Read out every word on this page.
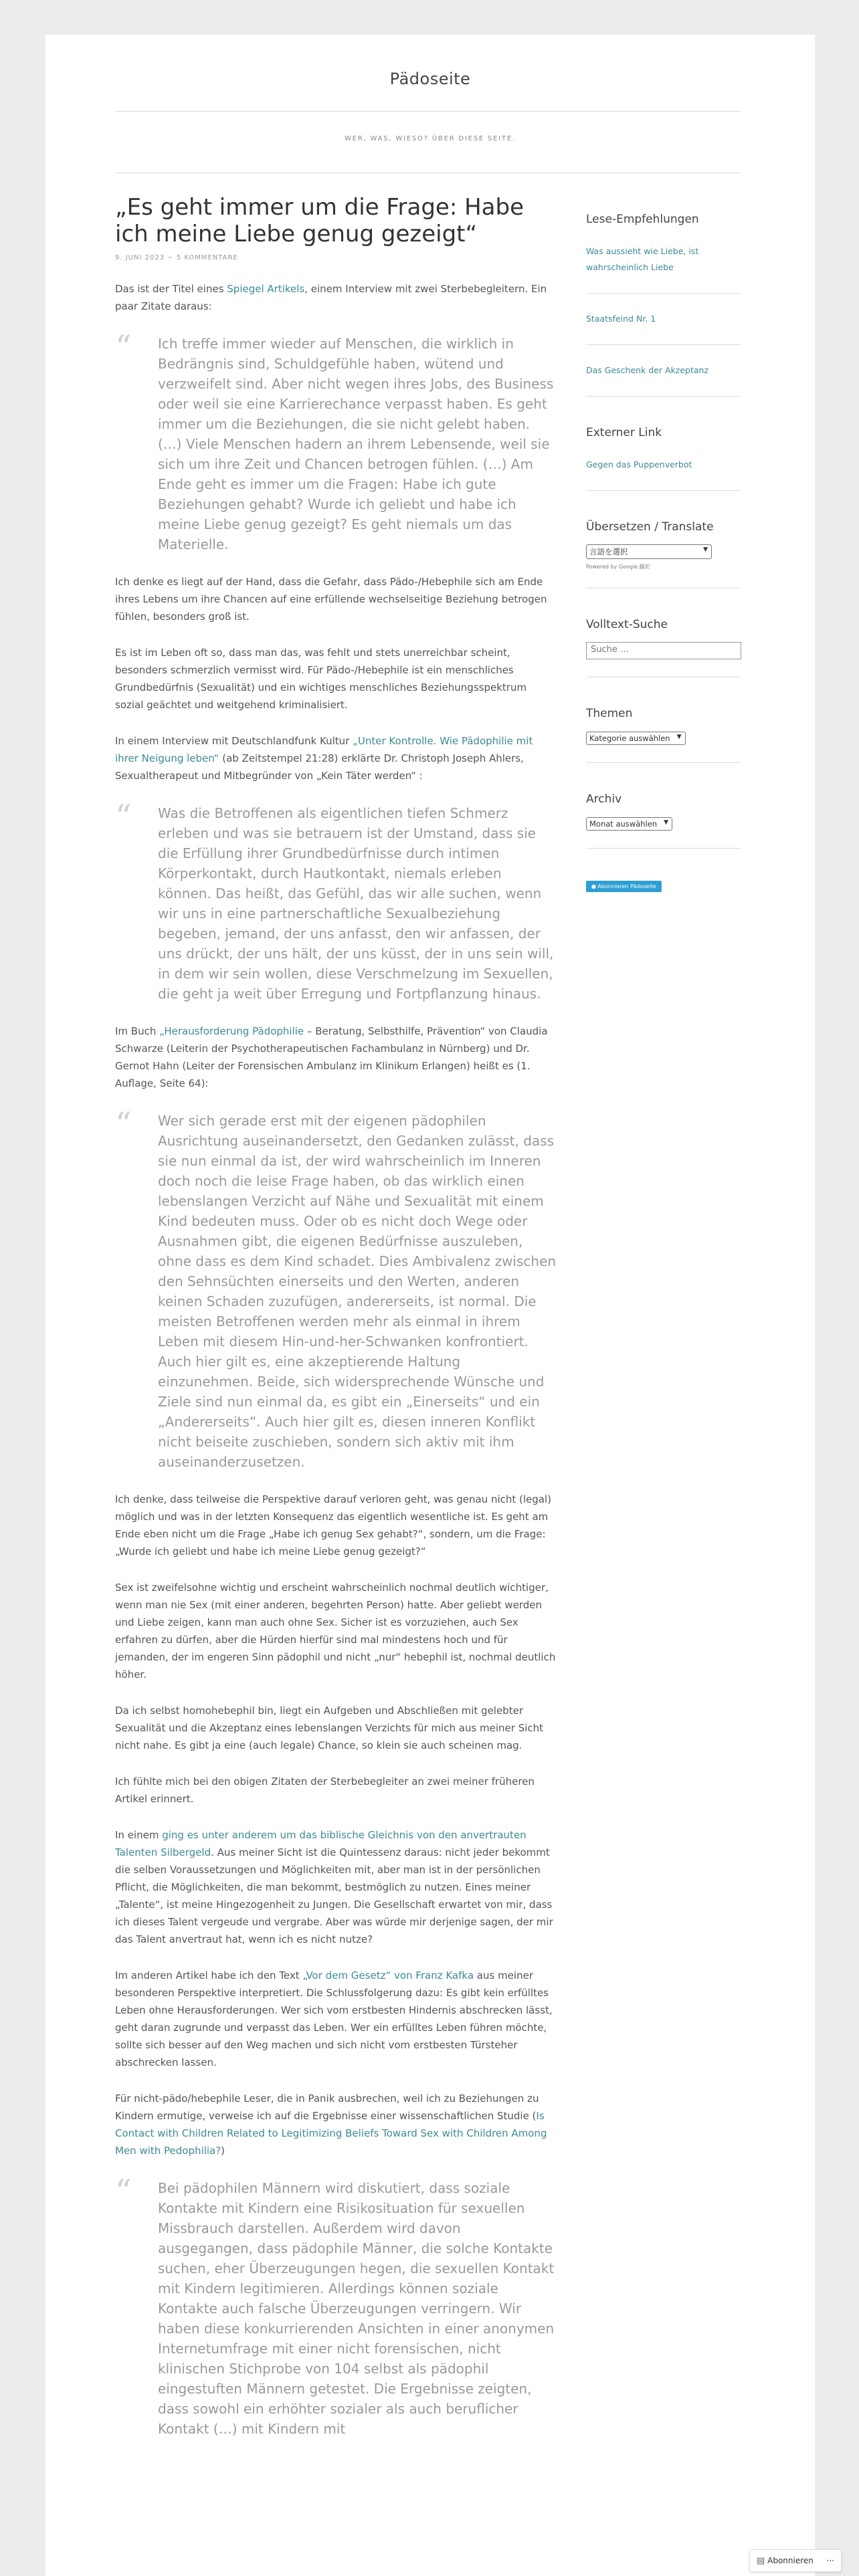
Pädoseite
WER, WAS, WIESO? ÜBER DIESE SEITE.
„Es geht immer um die Frage: Habe ich meine Liebe genug gezeigt“
9. JUNI 2023 ~ 5 KOMMENTARE

Das ist der Titel eines Spiegel Artikels, einem Interview mit zwei Sterbebegleitern. Ein paar Zitate daraus:

“ Ich treffe immer wieder auf Menschen, die wirklich in Bedrängnis sind, Schuldgefühle haben, wütend und verzweifelt sind. Aber nicht wegen ihres Jobs, des Business oder weil sie eine Karrierechance verpasst haben. Es geht immer um die Beziehungen, die sie nicht gelebt haben. (…) Viele Menschen hadern an ihrem Lebensende, weil sie sich um ihre Zeit und Chancen betrogen fühlen. (…) Am Ende geht es immer um die Fragen: Habe ich gute Beziehungen gehabt? Wurde ich geliebt und habe ich meine Liebe genug gezeigt? Es geht niemals um das Materielle.

Ich denke es liegt auf der Hand, dass die Gefahr, dass Pädo-/Hebephile sich am Ende ihres Lebens um ihre Chancen auf eine erfüllende wechselseitige Beziehung betrogen fühlen, besonders groß ist.

Es ist im Leben oft so, dass man das, was fehlt und stets unerreichbar scheint, besonders schmerzlich vermisst wird. Für Pädo-/Hebephile ist ein menschliches Grundbedürfnis (Sexualität) und ein wichtiges menschliches Beziehungsspektrum sozial geächtet und weitgehend kriminalisiert.

In einem Interview mit Deutschlandfunk Kultur „Unter Kontrolle. Wie Pädophilie mit ihrer Neigung leben“ (ab Zeitstempel 21:28) erklärte Dr. Christoph Joseph Ahlers, Sexualtherapeut und Mitbegründer von „Kein Täter werden“ :

“ Was die Betroffenen als eigentlichen tiefen Schmerz erleben und was sie betrauern ist der Umstand, dass sie die Erfüllung ihrer Grundbedürfnisse durch intimen Körperkontakt, durch Hautkontakt, niemals erleben können. Das heißt, das Gefühl, das wir alle suchen, wenn wir uns in eine partnerschaftliche Sexualbeziehung begeben, jemand, der uns anfasst, den wir anfassen, der uns drückt, der uns hält, der uns küsst, der in uns sein will, in dem wir sein wollen, diese Verschmelzung im Sexuellen, die geht ja weit über Erregung und Fortpflanzung hinaus.

Im Buch „Herausforderung Pädophilie – Beratung, Selbsthilfe, Prävention“ von Claudia Schwarze (Leiterin der Psychotherapeutischen Fachambulanz in Nürnberg) und Dr. Gernot Hahn (Leiter der Forensischen Ambulanz im Klinikum Erlangen) heißt es (1. Auflage, Seite 64):

“ Wer sich gerade erst mit der eigenen pädophilen Ausrichtung auseinandersetzt, den Gedanken zulässt, dass sie nun einmal da ist, der wird wahrscheinlich im Inneren doch noch die leise Frage haben, ob das wirklich einen lebenslangen Verzicht auf Nähe und Sexualität mit einem Kind bedeuten muss. Oder ob es nicht doch Wege oder Ausnahmen gibt, die eigenen Bedürfnisse auszuleben, ohne dass es dem Kind schadet. Dies Ambivalenz zwischen den Sehnsüchten einerseits und den Werten, anderen keinen Schaden zuzufügen, andererseits, ist normal. Die meisten Betroffenen werden mehr als einmal in ihrem Leben mit diesem Hin-und-her-Schwanken konfrontiert. Auch hier gilt es, eine akzeptierende Haltung einzunehmen. Beide, sich widersprechende Wünsche und Ziele sind nun einmal da, es gibt ein „Einerseits“ und ein „Andererseits“. Auch hier gilt es, diesen inneren Konflikt nicht beiseite zuschieben, sondern sich aktiv mit ihm auseinanderzusetzen.

Ich denke, dass teilweise die Perspektive darauf verloren geht, was genau nicht (legal) möglich und was in der letzten Konsequenz das eigentlich wesentliche ist. Es geht am Ende eben nicht um die Frage „Habe ich genug Sex gehabt?“, sondern, um die Frage: „Wurde ich geliebt und habe ich meine Liebe genug gezeigt?“

Sex ist zweifelsohne wichtig und erscheint wahrscheinlich nochmal deutlich wichtiger, wenn man nie Sex (mit einer anderen, begehrten Person) hatte. Aber geliebt werden und Liebe zeigen, kann man auch ohne Sex. Sicher ist es vorzuziehen, auch Sex erfahren zu dürfen, aber die Hürden hierfür sind mal mindestens hoch und für jemanden, der im engeren Sinn pädophil und nicht „nur“ hebephil ist, nochmal deutlich höher.

Da ich selbst homohebephil bin, liegt ein Aufgeben und Abschließen mit gelebter Sexualität und die Akzeptanz eines lebenslangen Verzichts für mich aus meiner Sicht nicht nahe. Es gibt ja eine (auch legale) Chance, so klein sie auch scheinen mag.

Ich fühlte mich bei den obigen Zitaten der Sterbebegleiter an zwei meiner früheren Artikel erinnert.

In einem ging es unter anderem um das biblische Gleichnis von den anvertrauten Talenten Silbergeld. Aus meiner Sicht ist die Quintessenz daraus: nicht jeder bekommt die selben Voraussetzungen und Möglichkeiten mit, aber man ist in der persönlichen Pflicht, die Möglichkeiten, die man bekommt, bestmöglich zu nutzen. Eines meiner „Talente“, ist meine Hingezogenheit zu Jungen. Die Gesellschaft erwartet von mir, dass ich dieses Talent vergeude und vergrabe. Aber was würde mir derjenige sagen, der mir das Talent anvertraut hat, wenn ich es nicht nutze?

Im anderen Artikel habe ich den Text „Vor dem Gesetz“ von Franz Kafka aus meiner besonderen Perspektive interpretiert. Die Schlussfolgerung dazu: Es gibt kein erfülltes Leben ohne Herausforderungen. Wer sich vom erstbesten Hindernis abschrecken lässt, geht daran zugrunde und verpasst das Leben. Wer ein erfülltes Leben führen möchte, sollte sich besser auf den Weg machen und sich nicht vom erstbesten Türsteher abschrecken lassen.

Für nicht-pädo/hebephile Leser, die in Panik ausbrechen, weil ich zu Beziehungen zu Kindern ermutige, verweise ich auf die Ergebnisse einer wissenschaftlichen Studie (Is Contact with Children Related to Legitimizing Beliefs Toward Sex with Children Among Men with Pedophilia?)

“ Bei pädophilen Männern wird diskutiert, dass soziale Kontakte mit Kindern eine Risikosituation für sexuellen Missbrauch darstellen. Außerdem wird davon ausgegangen, dass pädophile Männer, die solche Kontakte suchen, eher Überzeugungen hegen, die sexuellen Kontakt mit Kindern legitimieren. Allerdings können soziale Kontakte auch falsche Überzeugungen verringern. Wir haben diese konkurrierenden Ansichten in einer anonymen Internetumfrage mit einer nicht forensischen, nicht klinischen Stichprobe von 104 selbst als pädophil eingestuften Männern getestet. Die Ergebnisse zeigten, dass sowohl ein erhöhter sozialer als auch beruflicher Kontakt (…) mit Kindern mit
Lese-Empfehlungen
Was aussieht wie Liebe, ist wahrscheinlich Liebe
Staatsfeind Nr. 1
Das Geschenk der Akzeptanz
Externer Link
Gegen das Puppenverbot
Übersetzen / Translate
言語を選択	▼
Powered by Google 翻訳
Volltext-Suche
Suche …
Themen
Kategorie auswählen ▼
Archiv
Monat auswählen ▼
● Abonnieren Pädoseite
▤ Abonnieren ···
